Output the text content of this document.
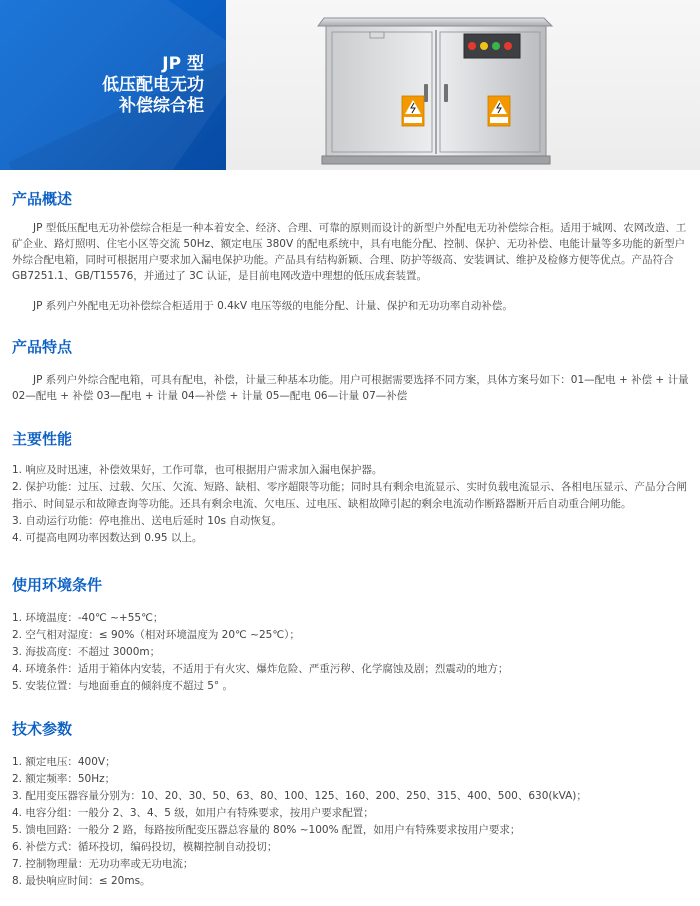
JP 型
低压配电无功
补偿综合柜
产品概述

JP 型低压配电无功补偿综合柜是一种本着安全、经济、合理、可靠的原则而设计的新型户外配电无功补偿综合柜。适用于城网、农网改造、工矿企业、路灯照明、住宅小区等交流 50Hz、额定电压 380V 的配电系统中，具有电能分配、控制、保护、无功补偿、电能计量等多功能的新型户外综合配电箱，同时可根据用户要求加入漏电保护功能。产品具有结构新颖、合理、防护等级高、安装调试、维护及检修方便等优点。产品符合 GB7251.1、GB/T15576，并通过了 3C 认证，是目前电网改造中理想的低压成套装置。

JP 系列户外配电无功补偿综合柜适用于 0.4kV 电压等级的电能分配、计量、保护和无功功率自动补偿。

产品特点

JP 系列户外综合配电箱，可具有配电，补偿，计量三种基本功能。用户可根据需要选择不同方案，具体方案号如下：01—配电 + 补偿 + 计量 02—配电 + 补偿 03—配电 + 计量 04—补偿 + 计量 05—配电 06—计量 07—补偿

主要性能
1. 响应及时迅速，补偿效果好，工作可靠，也可根据用户需求加入漏电保护器。
2. 保护功能：过压、过载、欠压、欠流、短路、缺相、零序超限等功能；同时具有剩余电流显示、实时负载电流显示、各相电压显示、产品分合闸指示、时间显示和故障查询等功能。还具有剩余电流、欠电压、过电压、缺相故障引起的剩余电流动作断路器断开后自动重合闸功能。
3. 自动运行功能：停电推出、送电后延时 10s 自动恢复。
4. 可提高电网功率因数达到 0.95 以上。
使用环境条件
1. 环境温度：-40℃ ~+55℃；
2. 空气相对湿度：≤ 90%（相对环境温度为 20℃ ~25℃）；
3. 海拔高度：不超过 3000m；
4. 环境条件：适用于箱体内安装，不适用于有火灾、爆炸危险、严重污秽、化学腐蚀及剧；烈震动的地方；
5. 安装位置：与地面垂直的倾斜度不超过 5° 。
技术参数
1. 额定电压：400V；
2. 额定频率：50Hz；
3. 配用变压器容量分别为：10、20、30、50、63、80、100、125、160、200、250、315、400、500、630(kVA)；
4. 电容分组：一般分 2、3、4、5 级，如用户有特殊要求，按用户要求配置；
5. 馈电回路：一般分 2 路，每路按所配变压器总容量的 80% ~100% 配置，如用户有特殊要求按用户要求；
6. 补偿方式：循环投切，编码投切，模糊控制自动投切；
7. 控制物理量：无功功率或无功电流；
8. 最快响应时间：≤ 20ms。
